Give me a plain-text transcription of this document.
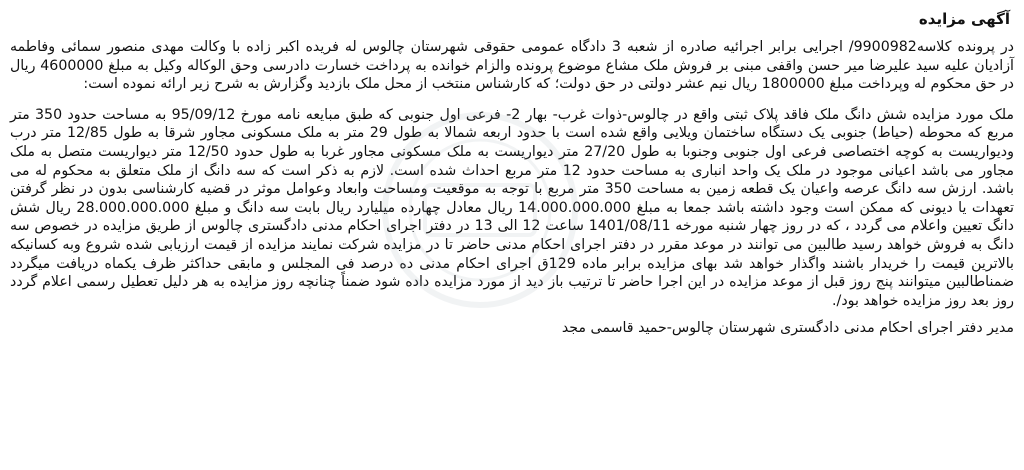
آگهی مزایده

در پرونده کلاسه9900982/ اجرایی برابر اجرائیه صادره از شعبه 3 دادگاه عمومی حقوقی شهرستان چالوس له فریده اکبر زاده با وکالت مهدی منصور سمائی وفاطمه آزادیان علیه سید علیرضا میر حسن واقفی مبنی بر فروش ملک مشاع موضوع پرونده والزام خوانده به پرداخت خسارت دادرسی وحق الوکاله وکیل به مبلغ 4600000 ریال در حق محکوم له وپرداخت مبلغ 1800000 ریال نیم عشر دولتی در حق دولت؛ که کارشناس منتخب از محل ملک بازدید وگزارش به شرح زیر ارائه نموده است:

ملک مورد مزایده شش دانگ ملک فاقد پلاک ثبتی واقع در چالوس-ذوات غرب- بهار 2- فرعی اول جنوبی که طبق مبایعه نامه مورخ 95/09/12 به مساحت حدود 350 متر مربع که محوطه (حیاط) جنوبی یک دستگاه ساختمان ویلایی واقع شده است با حدود اربعه شمالا به طول 29 متر به ملک مسکونی مجاور شرقا به طول 12/85 متر درب ودیواریست به کوچه اختصاصی فرعی اول جنوبی وجنوبا به طول 27/20 متر دیواریست به ملک مسکونی مجاور غربا به طول حدود 12/50 متر دیواریست متصل به ملک مجاور می باشد اعیانی موجود در ملک یک واحد انباری به مساحت حدود 12 متر مربع احداث شده است. لازم به ذکر است که سه دانگ از ملک متعلق به محکوم له می باشد. ارزش سه دانگ عرصه واعیان یک قطعه زمین به مساحت 350 متر مربع با توجه به موقعیت ومساحت وابعاد وعوامل موثر در قضیه کارشناسی بدون در نظر گرفتن تعهدات یا دیونی که ممکن است وجود داشته باشد جمعا به مبلغ 14.000.000.000 ریال معادل چهارده میلیارد ریال بابت سه دانگ و مبلغ 28.000.000.000 ریال شش دانگ تعیین واعلام می گردد ، که در روز چهار شنبه مورخه 1401/08/11 ساعت 12 الی 13 در دفتر اجرای احکام مدنی دادگستری چالوس از طریق مزایده در خصوص سه دانگ به فروش خواهد رسید طالبین می توانند در موعد مقرر در دفتر اجرای احکام مدنی حاضر تا در مزایده شرکت نمایند مزایده از قیمت ارزیابی شده شروع وبه کسانیکه بالاترین قیمت را خریدار باشند واگذار خواهد شد بهای مزایده برابر ماده 129ق اجرای احکام مدنی ده درصد فی المجلس و مابقی حداکثر ظرف یکماه دریافت میگردد ضمناطالبین میتوانند پنج روز قبل از موعد مزایده در این اجرا حاضر تا ترتیب باز دید از مورد مزایده داده شود ضمناً چنانچه روز مزایده به هر دلیل تعطیل رسمی اعلام گردد روز بعد روز مزایده خواهد بود/.

مدیر دفتر اجرای احکام مدنی دادگستری شهرستان چالوس-حمید قاسمی مجد
